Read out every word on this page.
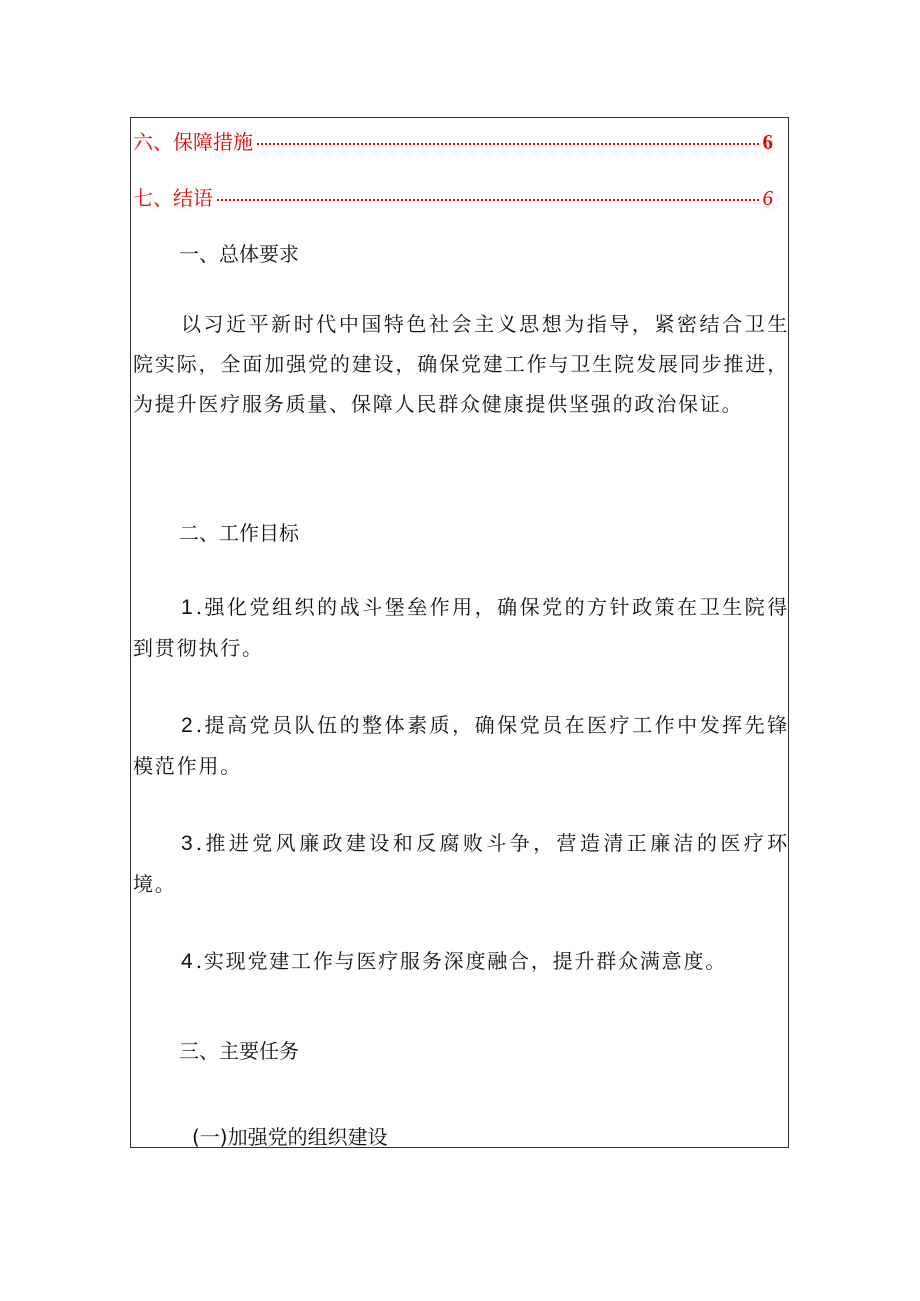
六、保障措施	6
七、结语	6
一、总体要求
以习近平新时代中国特色社会主义思想为指导，紧密结合卫生院实际，全面加强党的建设，确保党建工作与卫生院发展同步推进，为提升医疗服务质量、保障人民群众健康提供坚强的政治保证。
二、工作目标
1.强化党组织的战斗堡垒作用，确保党的方针政策在卫生院得到贯彻执行。
2.提高党员队伍的整体素质，确保党员在医疗工作中发挥先锋模范作用。
3.推进党风廉政建设和反腐败斗争，营造清正廉洁的医疗环境。
4.实现党建工作与医疗服务深度融合，提升群众满意度。
三、主要任务
(一)加强党的组织建设
